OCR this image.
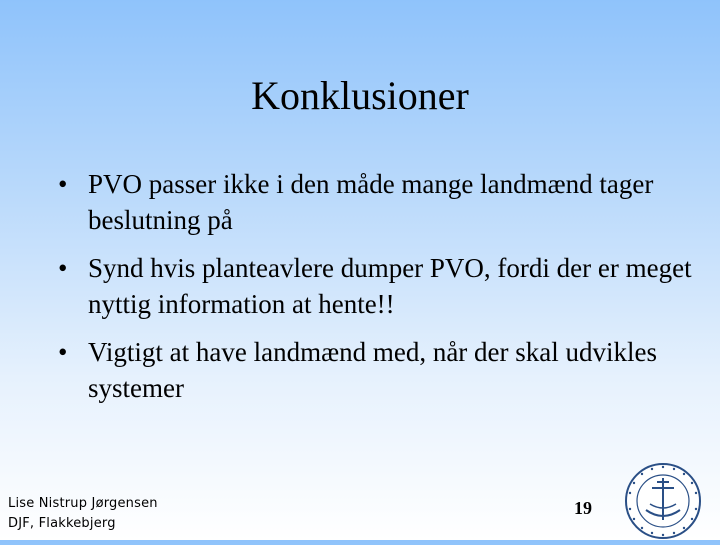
Konklusioner
• PVO passer ikke i den måde mange landmænd tager beslutning på
• Synd hvis planteavlere dumper PVO, fordi der er meget nyttig information at hente!!
• Vigtigt at have landmænd med, når der skal udvikles systemer
Lise Nistrup Jørgensen
DJF, Flakkebjerg
19
